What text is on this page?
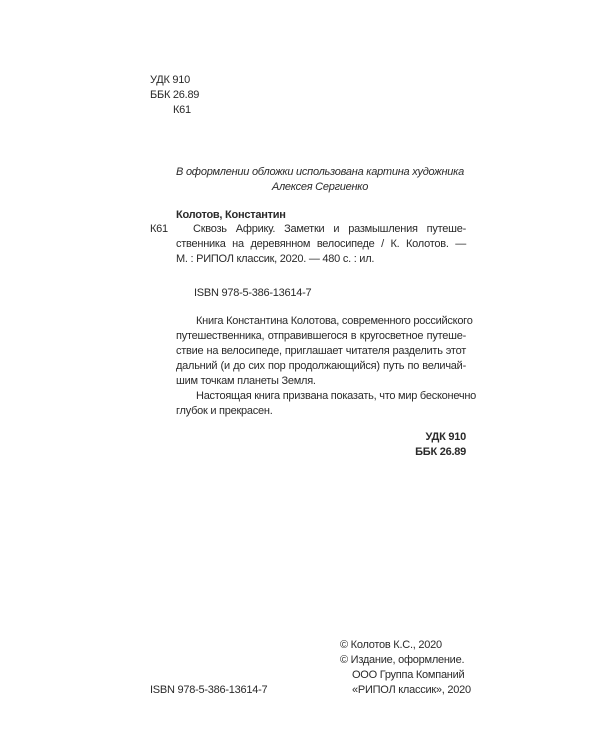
УДК 910
ББК 26.89
К61
В оформлении обложки использована картина художника
Алексея Сергиенко
Колотов, Константин
К61	Сквозь Африку. Заметки и размышления путеше-
ственника на деревянном велосипеде / К. Колотов. —
М. : РИПОЛ классик, 2020. — 480 с. : ил.
ISBN 978-5-386-13614-7
Книга Константина Колотова, современного российского
путешественника, отправившегося в кругосветное путеше-
ствие на велосипеде, приглашает читателя разделить этот
дальний (и до сих пор продолжающийся) путь по величай-
шим точкам планеты Земля.
Настоящая книга призвана показать, что мир бесконечно
глубок и прекрасен.
УДК 910
ББК 26.89
ISBN 978-5-386-13614-7
© Колотов К.С., 2020
© Издание, оформление.
ООО Группа Компаний
«РИПОЛ классик», 2020
